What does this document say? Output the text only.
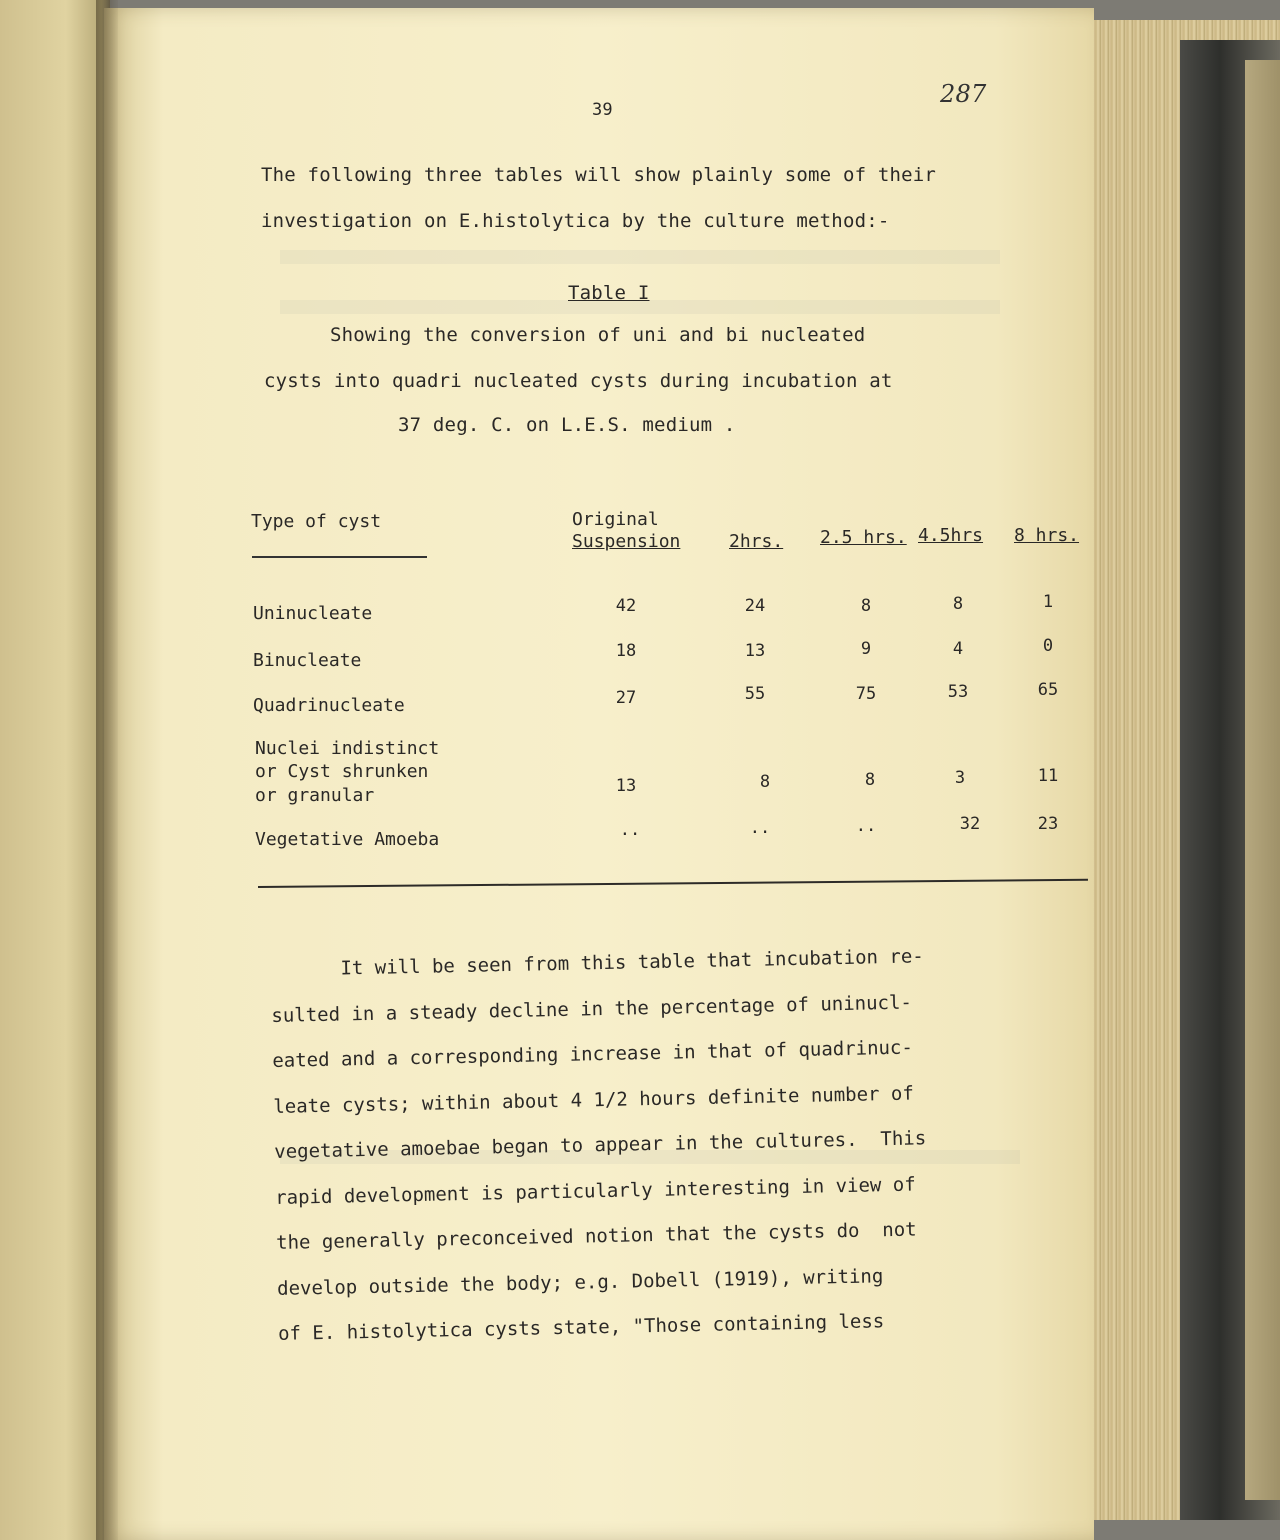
39
287
The following three tables will show plainly some of their
investigation on E.histolytica by the culture method:-
Table I
Showing the conversion of uni and bi nucleated
cysts into quadri nucleated cysts during incubation at
37 deg. C. on L.E.S. medium .
Type of cyst	Original
Suspension	2hrs. 2.5 hrs. 4.5hrs 8 hrs.
Uninucleate	42	24	8	8	1
Binucleate	18	13	9	4	0
Quadrinucleate	27	55	75	53	65
Nuclei indistinct
or Cyst shrunken
or granular	13	8	8	3	11
Vegetative Amoeba	..	..	..	32	23
It will be seen from this table that incubation re-
sulted in a steady decline in the percentage of uninucl-
eated and a corresponding increase in that of quadrinuc-
leate cysts; within about 4 1/2 hours definite number of
vegetative amoebae began to appear in the cultures.  This
rapid development is particularly interesting in view of
the generally preconceived notion that the cysts do  not
develop outside the body; e.g. Dobell (1919), writing
of E. histolytica cysts state, "Those containing less
